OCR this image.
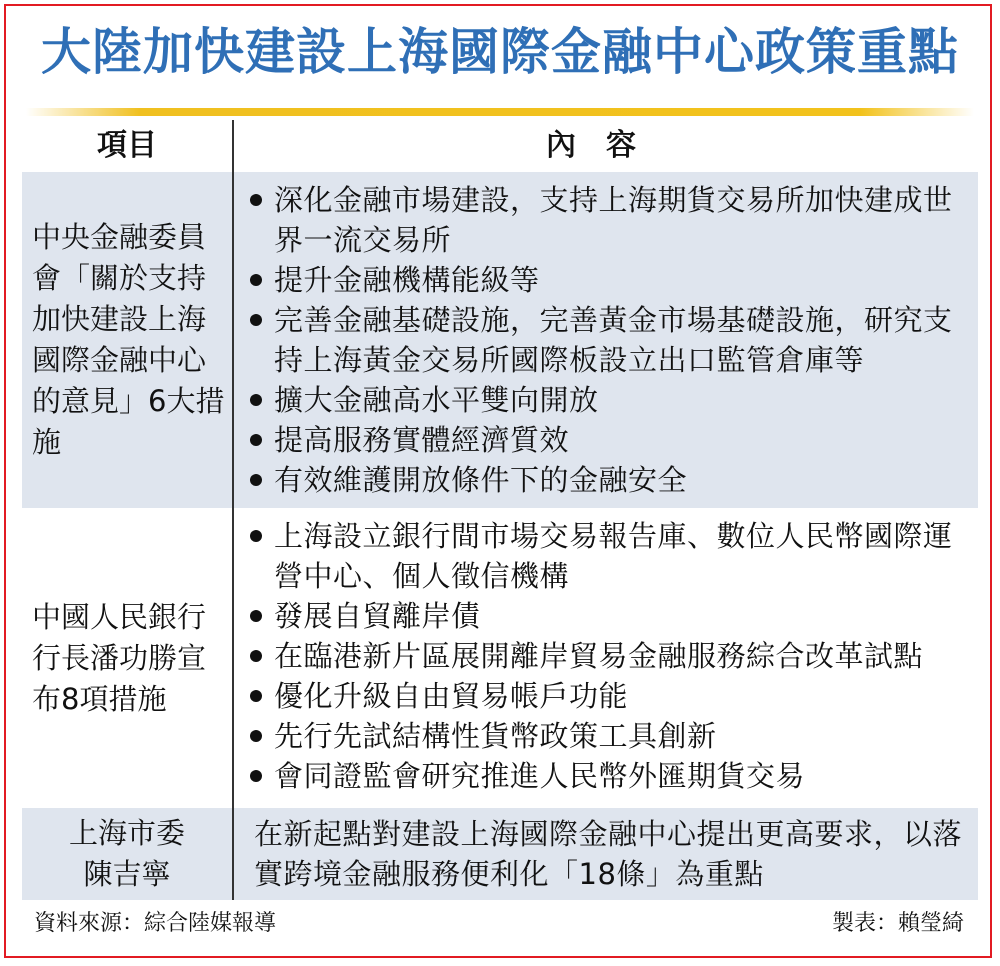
大陸加快建設上海國際金融中心政策重點
項目	內容
中央金融委員會「關於支持加快建設上海國際金融中心的意見」6大措施
深化金融市場建設，支持上海期貨交易所加快建成世界一流交易所
提升金融機構能級等
完善金融基礎設施，完善黃金市場基礎設施，研究支持上海黃金交易所國際板設立出口監管倉庫等
擴大金融高水平雙向開放
提高服務實體經濟質效
有效維護開放條件下的金融安全
中國人民銀行行長潘功勝宣布8項措施
上海設立銀行間市場交易報告庫、數位人民幣國際運營中心、個人徵信機構
發展自貿離岸債
在臨港新片區展開離岸貿易金融服務綜合改革試點
優化升級自由貿易帳戶功能
先行先試結構性貨幣政策工具創新
會同證監會研究推進人民幣外匯期貨交易
上海市委陳吉寧
在新起點對建設上海國際金融中心提出更高要求，以落實跨境金融服務便利化「18條」為重點
資料來源：綜合陸媒報導	製表：賴瑩綺
